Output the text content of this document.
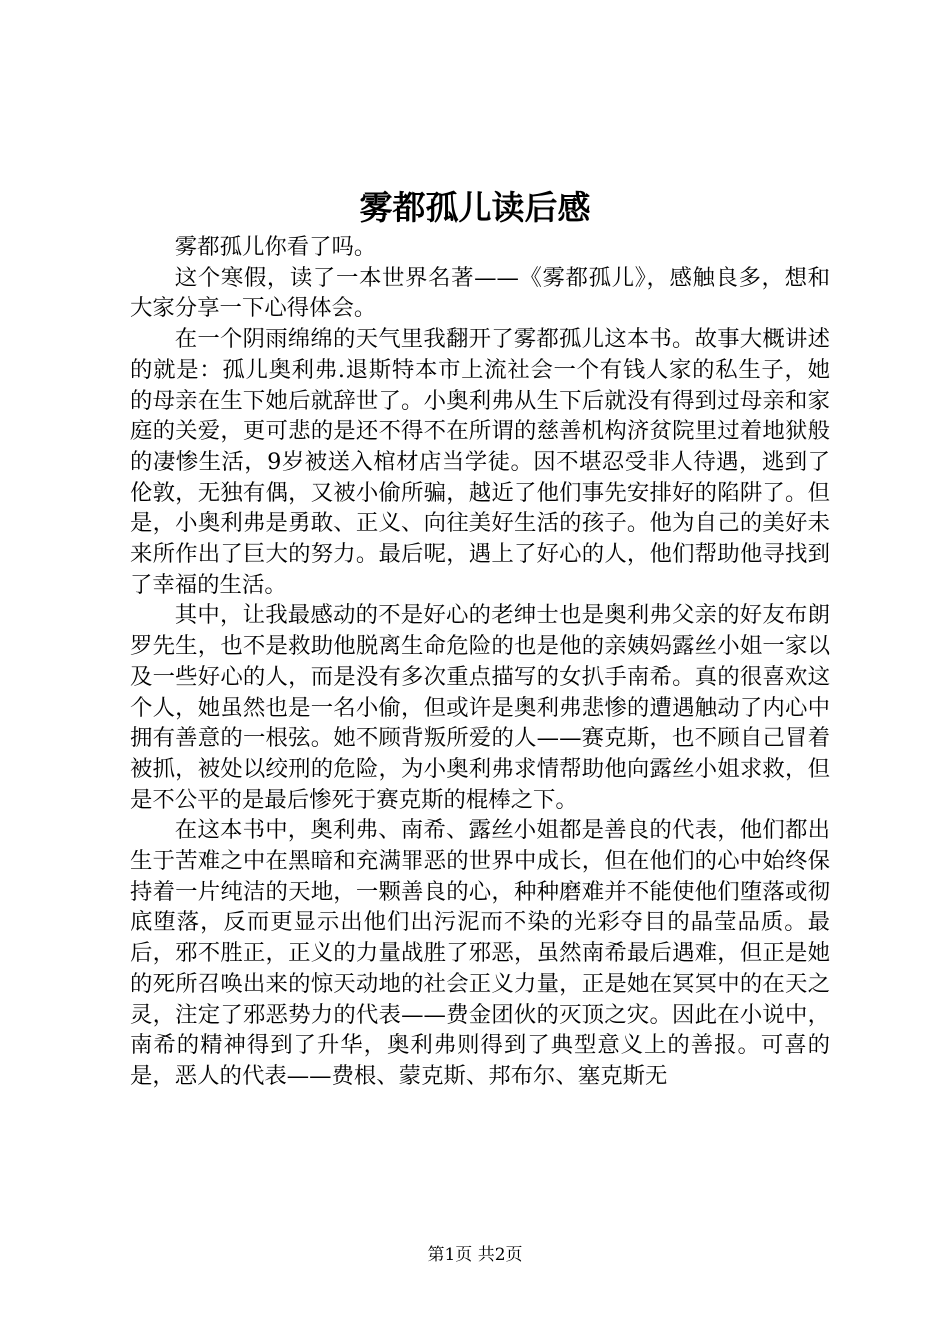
雾都孤儿读后感

雾都孤儿你看了吗。

这个寒假，读了一本世界名著——《雾都孤儿》，感触良多，想和大家分享一下心得体会。

在一个阴雨绵绵的天气里我翻开了雾都孤儿这本书。故事大概讲述的就是：孤儿奥利弗.退斯特本市上流社会一个有钱人家的私生子，她的母亲在生下她后就辞世了。小奥利弗从生下后就没有得到过母亲和家庭的关爱，更可悲的是还不得不在所谓的慈善机构济贫院里过着地狱般的凄惨生活，9岁被送入棺材店当学徒。因不堪忍受非人待遇，逃到了伦敦，无独有偶，又被小偷所骗，越近了他们事先安排好的陷阱了。但是，小奥利弗是勇敢、正义、向往美好生活的孩子。他为自己的美好未来所作出了巨大的努力。最后呢，遇上了好心的人，他们帮助他寻找到了幸福的生活。

其中，让我最感动的不是好心的老绅士也是奥利弗父亲的好友布朗罗先生，也不是救助他脱离生命危险的也是他的亲姨妈露丝小姐一家以及一些好心的人，而是没有多次重点描写的女扒手南希。真的很喜欢这个人，她虽然也是一名小偷，但或许是奥利弗悲惨的遭遇触动了内心中拥有善意的一根弦。她不顾背叛所爱的人——赛克斯，也不顾自己冒着被抓，被处以绞刑的危险，为小奥利弗求情帮助他向露丝小姐求救，但是不公平的是最后惨死于赛克斯的棍棒之下。

在这本书中，奥利弗、南希、露丝小姐都是善良的代表，他们都出生于苦难之中在黑暗和充满罪恶的世界中成长，但在他们的心中始终保持着一片纯洁的天地，一颗善良的心，种种磨难并不能使他们堕落或彻底堕落，反而更显示出他们出污泥而不染的光彩夺目的晶莹品质。最后，邪不胜正，正义的力量战胜了邪恶，虽然南希最后遇难，但正是她的死所召唤出来的惊天动地的社会正义力量，正是她在冥冥中的在天之灵，注定了邪恶势力的代表——费金团伙的灭顶之灾。因此在小说中，南希的精神得到了升华，奥利弗则得到了典型意义上的善报。可喜的是，恶人的代表——费根、蒙克斯、邦布尔、塞克斯无

第1页 共2页
